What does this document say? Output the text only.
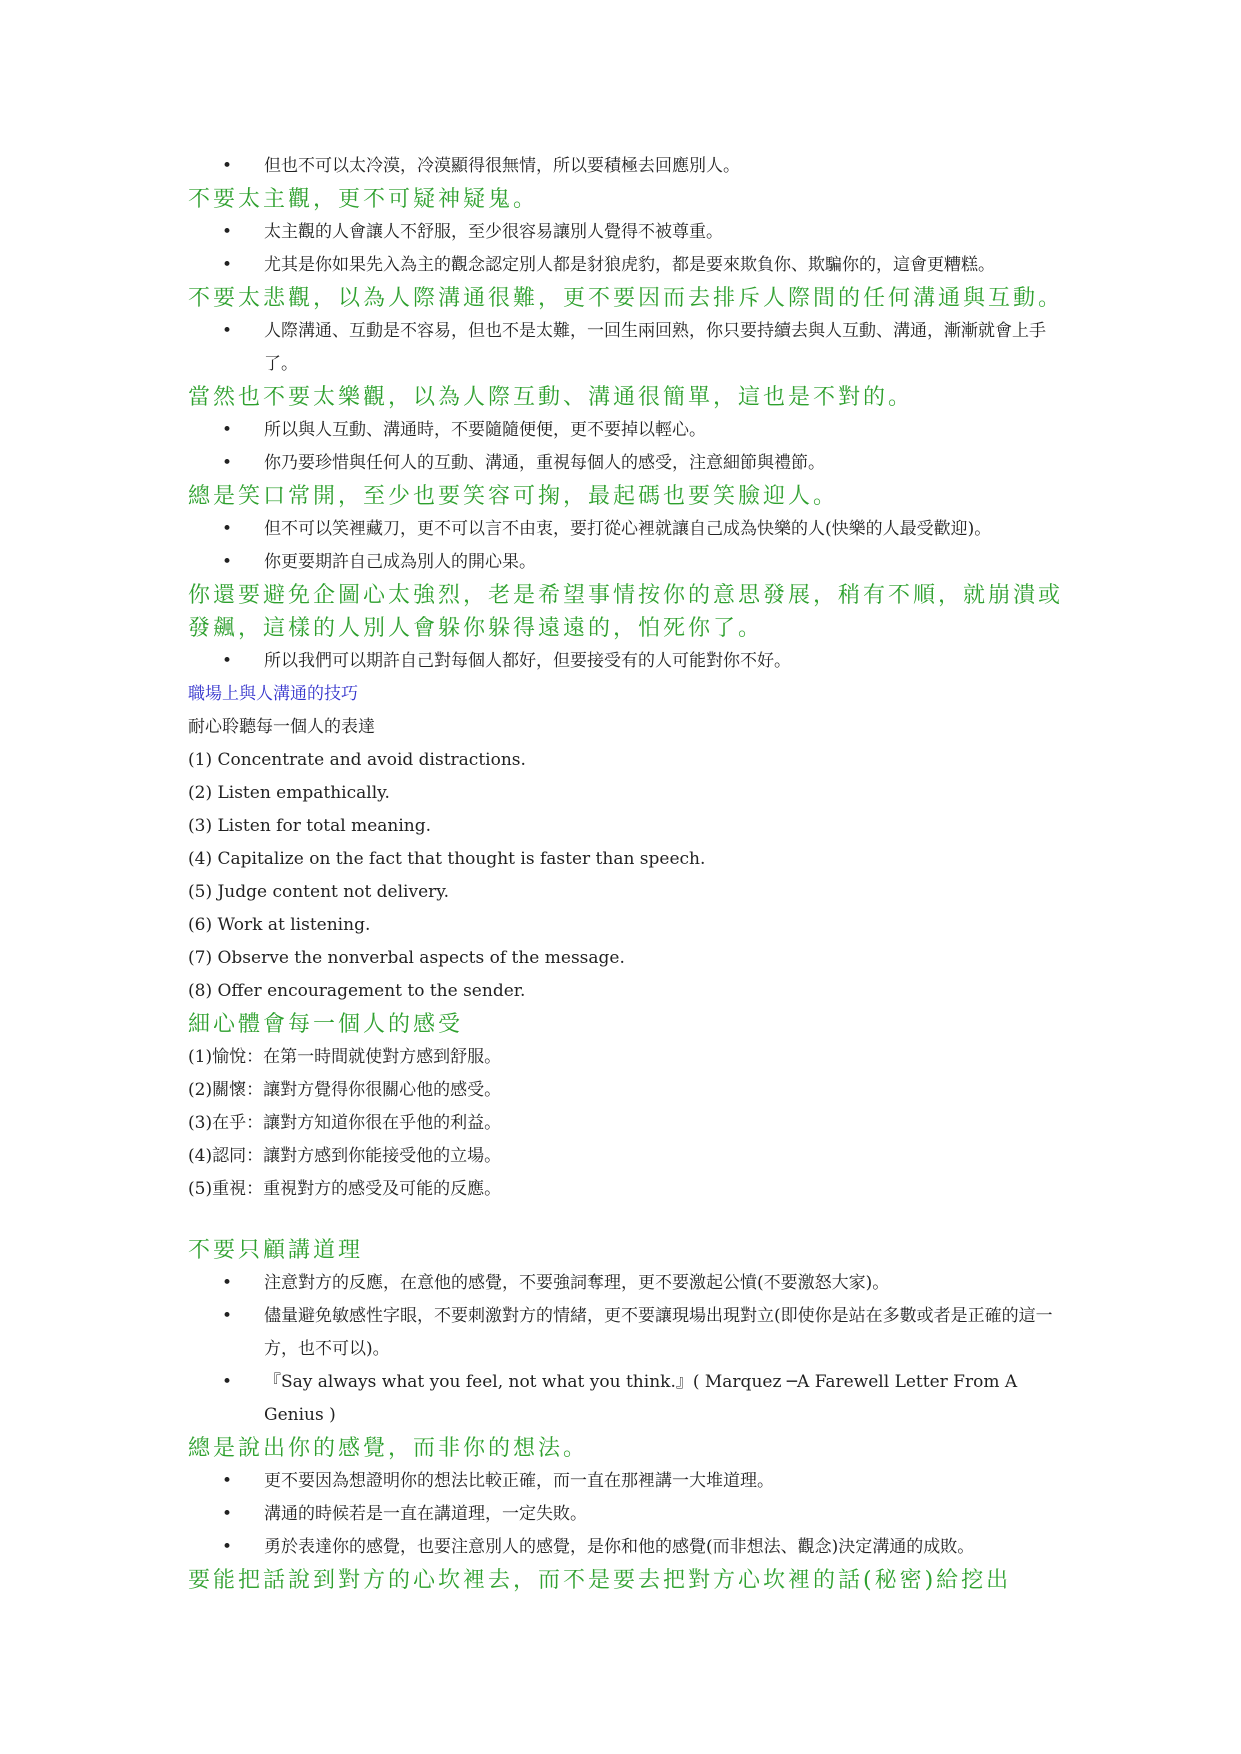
• 但也不可以太冷漠，冷漠顯得很無情，所以要積極去回應別人。
不要太主觀，更不可疑神疑鬼。
• 太主觀的人會讓人不舒服，至少很容易讓別人覺得不被尊重。
• 尤其是你如果先入為主的觀念認定別人都是豺狼虎豹，都是要來欺負你、欺騙你的，這會更糟糕。
不要太悲觀，以為人際溝通很難，更不要因而去排斥人際間的任何溝通與互動。
• 人際溝通、互動是不容易，但也不是太難，一回生兩回熟，你只要持續去與人互動、溝通，漸漸就會上手了。
當然也不要太樂觀，以為人際互動、溝通很簡單，這也是不對的。
• 所以與人互動、溝通時，不要隨隨便便，更不要掉以輕心。
• 你乃要珍惜與任何人的互動、溝通，重視每個人的感受，注意細節與禮節。
總是笑口常開，至少也要笑容可掬，最起碼也要笑臉迎人。
• 但不可以笑裡藏刀，更不可以言不由衷，要打從心裡就讓自己成為快樂的人(快樂的人最受歡迎)。
• 你更要期許自己成為別人的開心果。
你還要避免企圖心太強烈，老是希望事情按你的意思發展，稍有不順，就崩潰或發飆，這樣的人別人會躲你躲得遠遠的，怕死你了。
• 所以我們可以期許自己對每個人都好，但要接受有的人可能對你不好。
職場上與人溝通的技巧
耐心聆聽每一個人的表達
(1) Concentrate and avoid distractions.
(2) Listen empathically.
(3) Listen for total meaning.
(4) Capitalize on the fact that thought is faster than speech.
(5) Judge content not delivery.
(6) Work at listening.
(7) Observe the nonverbal aspects of the message.
(8) Offer encouragement to the sender.
細心體會每一個人的感受
(1)愉悅：在第一時間就使對方感到舒服。
(2)關懷：讓對方覺得你很關心他的感受。
(3)在乎：讓對方知道你很在乎他的利益。
(4)認同：讓對方感到你能接受他的立場。
(5)重視：重視對方的感受及可能的反應。
不要只顧講道理
• 注意對方的反應，在意他的感覺，不要強詞奪理，更不要激起公憤(不要激怒大家)。
• 儘量避免敏感性字眼，不要刺激對方的情緒，更不要讓現場出現對立(即使你是站在多數或者是正確的這一方，也不可以)。
• 『Say always what you feel, not what you think.』( Marquez ─A Farewell Letter From A Genius )
總是說出你的感覺，而非你的想法。
• 更不要因為想證明你的想法比較正確，而一直在那裡講一大堆道理。
• 溝通的時候若是一直在講道理，一定失敗。
• 勇於表達你的感覺，也要注意別人的感覺，是你和他的感覺(而非想法、觀念)決定溝通的成敗。
要能把話說到對方的心坎裡去，而不是要去把對方心坎裡的話(秘密)給挖出
